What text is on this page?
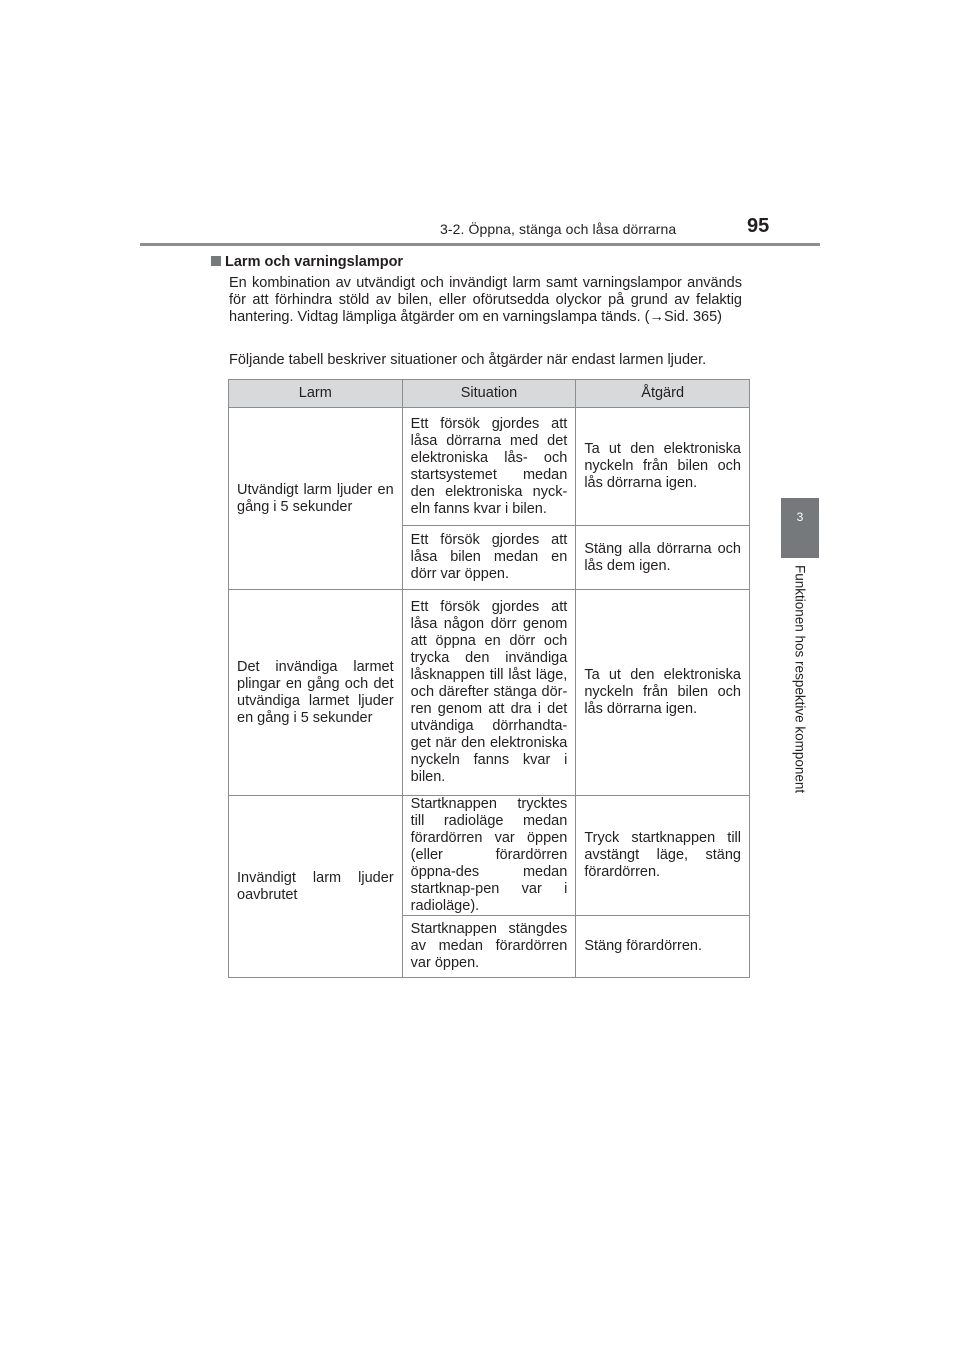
3-2. Öppna, stänga och låsa dörrarna	95
3
Funktionen hos respektive komponent
Larm och varningslampor
En kombination av utvändigt och invändigt larm samt varningslampor används för att förhindra stöld av bilen, eller oförutsedda olyckor på grund av felaktig hantering. Vidtag lämpliga åtgärder om en varningslampa tänds. (→Sid. 365)
Följande tabell beskriver situationer och åtgärder när endast larmen ljuder.
Larm	Situation	Åtgärd
Utvändigt larm ljuder en gång i 5 sekunder	Ett försök gjordes att låsa dörrarna med det elektroniska lås- och startsystemet medan den elektroniska nyck-eln fanns kvar i bilen.	Ta ut den elektroniska nyckeln från bilen och lås dörrarna igen.
	Ett försök gjordes att låsa bilen medan en dörr var öppen.	Stäng alla dörrarna och lås dem igen.
Det invändiga larmet plingar en gång och det utvändiga larmet ljuder en gång i 5 sekunder	Ett försök gjordes att låsa någon dörr genom att öppna en dörr och trycka den invändiga låsknappen till låst läge, och därefter stänga dör-ren genom att dra i det utvändiga dörrhandta-get när den elektroniska nyckeln fanns kvar i bilen.	Ta ut den elektroniska nyckeln från bilen och lås dörrarna igen.
Invändigt larm ljuder oavbrutet	Startknappen trycktes till radioläge medan förardörren var öppen (eller förardörren öppna-des medan startknap-pen var i radioläge).	Tryck startknappen till avstängt läge, stäng förardörren.
	Startknappen stängdes av medan förardörren var öppen.	Stäng förardörren.
